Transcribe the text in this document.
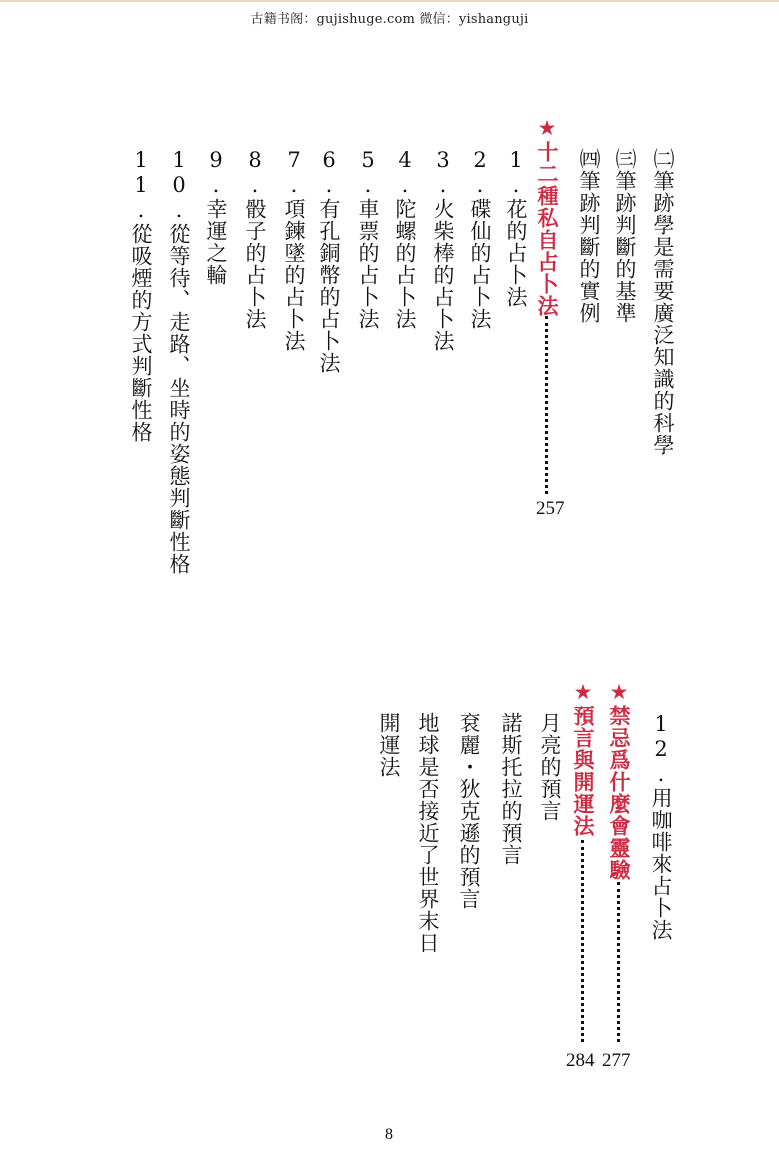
古籍书阁：gujishuge.com 微信：yishanguji
㈡筆跡學是需要廣泛知識的科學
㈢筆跡判斷的基準
㈣筆跡判斷的實例
★十二種私自占卜法
257
1.花的占卜法
2.碟仙的占卜法
3.火柴棒的占卜法
4.陀螺的占卜法
5.車票的占卜法
6.有孔銅幣的占卜法
7.項鍊墜的占卜法
8.骰子的占卜法
9.幸運之輪
10.從等待、走路、坐時的姿態判斷性格
11.從吸煙的方式判斷性格
12.用咖啡來占卜法
★禁忌爲什麼會靈驗
277
★預言與開運法
284
月亮的預言
諾斯托拉的預言
袞麗・狄克遜的預言
地球是否接近了世界末日
開運法
8
